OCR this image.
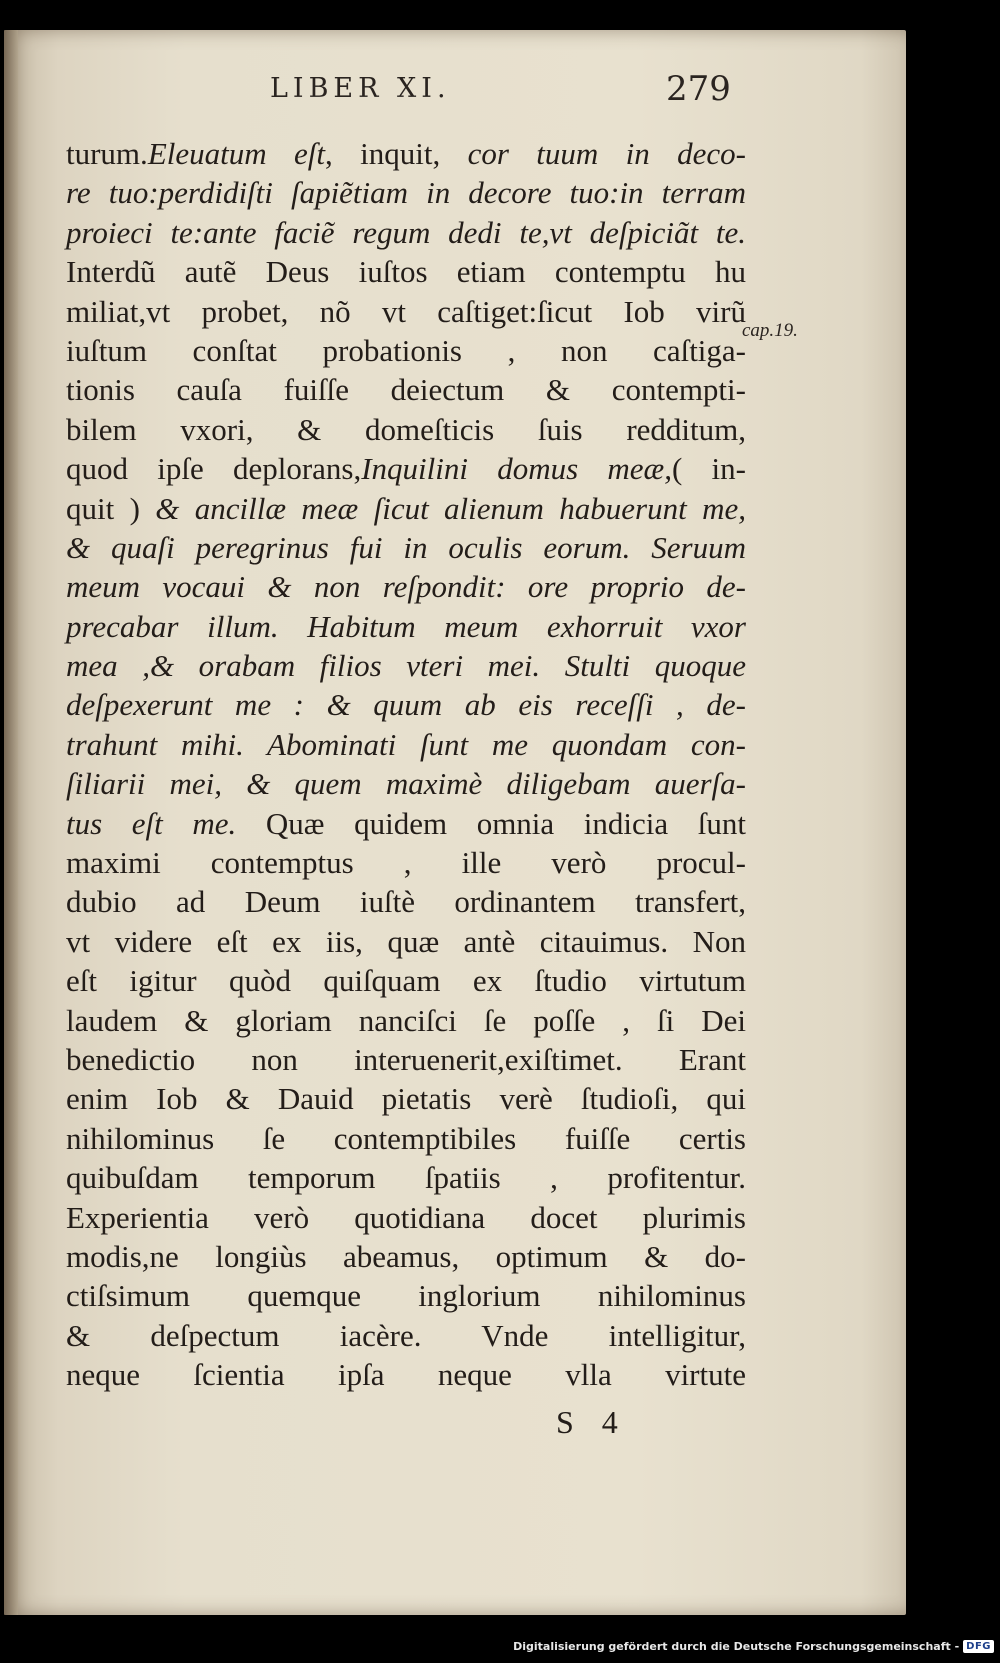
LIBER XI.	279
turum.Eleuatum eſt, inquit, cor tuum in deco-
re tuo:perdidiſti ſapiẽtiam in decore tuo:in terram
proieci te:ante faciẽ regum dedi te,vt deſpiciãt te.
Interdũ autẽ Deus iuſtos etiam contemptu hu
miliat,vt probet, nõ vt caſtiget:ſicut Iob virũ
iuſtum conſtat probationis , non caſtiga-
tionis cauſa fuiſſe deiectum & contempti-
bilem vxori, & domeſticis ſuis redditum,
quod ipſe deplorans,Inquilini domus meæ,( in-
quit ) & ancillæ meæ ſicut alienum habuerunt me,
& quaſi peregrinus fui in oculis eorum. Seruum
meum vocaui & non reſpondit: ore proprio de-
precabar illum. Habitum meum exhorruit vxor
mea ,& orabam filios vteri mei. Stulti quoque
deſpexerunt me : & quum ab eis receſſi , de-
trahunt mihi. Abominati ſunt me quondam con-
ſiliarii mei, & quem maximè diligebam auerſa-
tus eſt me. Quæ quidem omnia indicia ſunt
maximi contemptus , ille verò procul-
dubio ad Deum iuſtè ordinantem transfert,
vt videre eſt ex iis, quæ antè citauimus. Non
eſt igitur quòd quiſquam ex ſtudio virtutum
laudem & gloriam nanciſci ſe poſſe , ſi Dei
benedictio non interuenerit,exiſtimet. Erant
enim Iob & Dauid pietatis verè ſtudioſi, qui
nihilominus ſe contemptibiles fuiſſe certis
quibuſdam temporum ſpatiis , profitentur.
Experientia verò quotidiana docet plurimis
modis,ne longiùs abeamus, optimum & do-
ctiſsimum quemque inglorium nihilominus
& deſpectum iacère. Vnde intelligitur,
neque ſcientia ipſa neque vlla virtute
cap.19.
S 4
Digitalisierung gefördert durch die Deutsche Forschungsgemeinschaft - DFG
